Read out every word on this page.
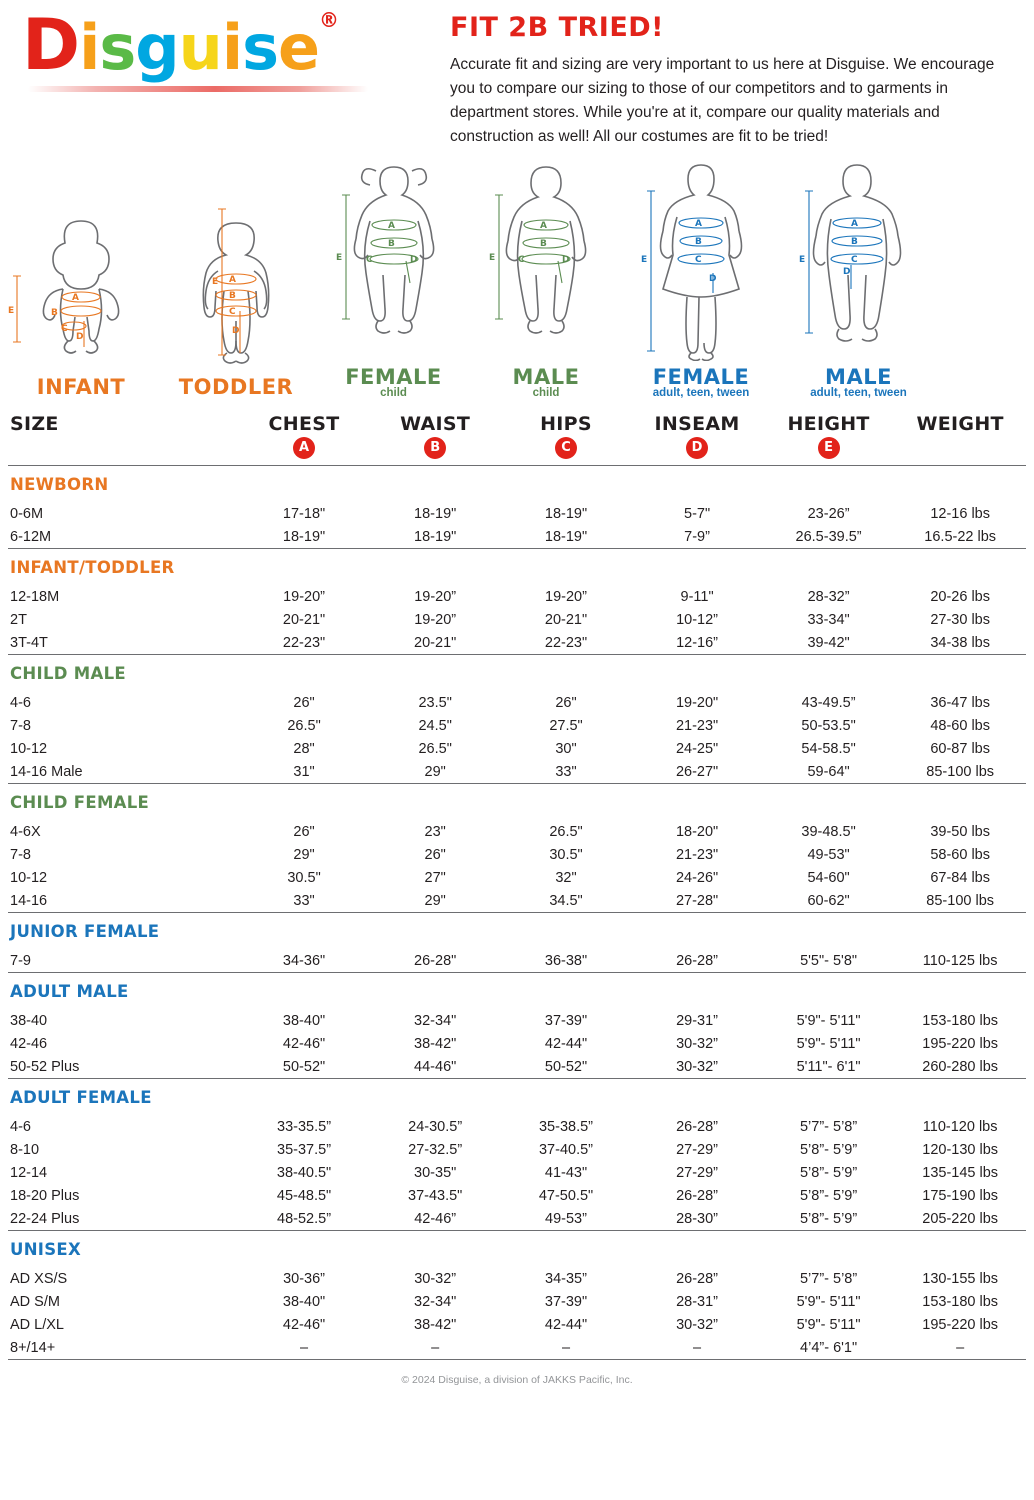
Disguise®	FIT 2B TRIED!

Accurate fit and sizing are very important to us here at Disguise. We encourage you to compare our sizing to those of our competitors and to garments in department stores. While you're at it, compare our quality materials and construction as well! All our costumes are fit to be tried!

A
B
C
D
E
INFANT
A
B
C
D
E
TODDLER
A
B
C	D
E
FEMALE
child
A
B
C	D
E
MALE
child
A
B
C
D
E
FEMALE
adult, teen, tween
A
B
C
D
E
MALE
adult, teen, tween
SIZE	CHEST	WAIST	HIPS	INSEAM	HEIGHT	WEIGHT
	A	B	C	D	E	

NEWBORN						
0-6M	17-18"	18-19"	18-19"	5-7"	23-26”	12-16 lbs
6-12M	18-19"	18-19"	18-19"	7-9”	26.5-39.5”	16.5-22 lbs

INFANT/TODDLER						
12-18M	19-20”	19-20”	19-20”	9-11"	28-32”	20-26 lbs
2T	20-21"	19-20”	20-21"	10-12”	33-34"	27-30 lbs
3T-4T	22-23"	20-21"	22-23"	12-16”	39-42"	34-38 lbs

CHILD MALE						
4-6	26"	23.5"	26"	19-20"	43-49.5”	36-47 lbs
7-8	26.5"	24.5"	27.5"	21-23"	50-53.5"	48-60 lbs
10-12	28"	26.5"	30"	24-25"	54-58.5"	60-87 lbs
14-16 Male	31"	29"	33"	26-27"	59-64"	85-100 lbs

CHILD FEMALE						
4-6X	26"	23"	26.5"	18-20"	39-48.5"	39-50 lbs
7-8	29"	26"	30.5"	21-23"	49-53"	58-60 lbs
10-12	30.5"	27"	32"	24-26"	54-60"	67-84 lbs
14-16	33"	29"	34.5"	27-28"	60-62"	85-100 lbs

JUNIOR FEMALE						
7-9	34-36"	26-28"	36-38"	26-28”	5'5"- 5'8"	110-125 lbs

ADULT MALE						
38-40	38-40"	32-34"	37-39"	29-31”	5'9"- 5'11"	153-180 lbs
42-46	42-46"	38-42"	42-44"	30-32”	5'9"- 5'11"	195-220 lbs
50-52 Plus	50-52"	44-46"	50-52"	30-32”	5'11"- 6'1"	260-280 lbs

ADULT FEMALE						
4-6	33-35.5”	24-30.5”	35-38.5”	26-28”	5’7”- 5’8”	110-120 lbs
8-10	35-37.5”	27-32.5”	37-40.5”	27-29”	5’8”- 5’9”	120-130 lbs
12-14	38-40.5"	30-35"	41-43"	27-29”	5’8”- 5’9”	135-145 lbs
18-20 Plus	45-48.5"	37-43.5"	47-50.5"	26-28”	5’8”- 5’9”	175-190 lbs
22-24 Plus	48-52.5”	42-46”	49-53”	28-30”	5’8”- 5’9”	205-220 lbs

UNISEX						
AD XS/S	30-36”	30-32”	34-35”	26-28”	5’7”- 5’8”	130-155 lbs
AD S/M	38-40"	32-34"	37-39"	28-31”	5'9"- 5'11"	153-180 lbs
AD L/XL	42-46"	38-42"	42-44"	30-32”	5'9"- 5'11"	195-220 lbs
8+/14+	–	–	–	–	4’4”- 6'1"	–

© 2024 Disguise, a division of JAKKS Pacific, Inc.
